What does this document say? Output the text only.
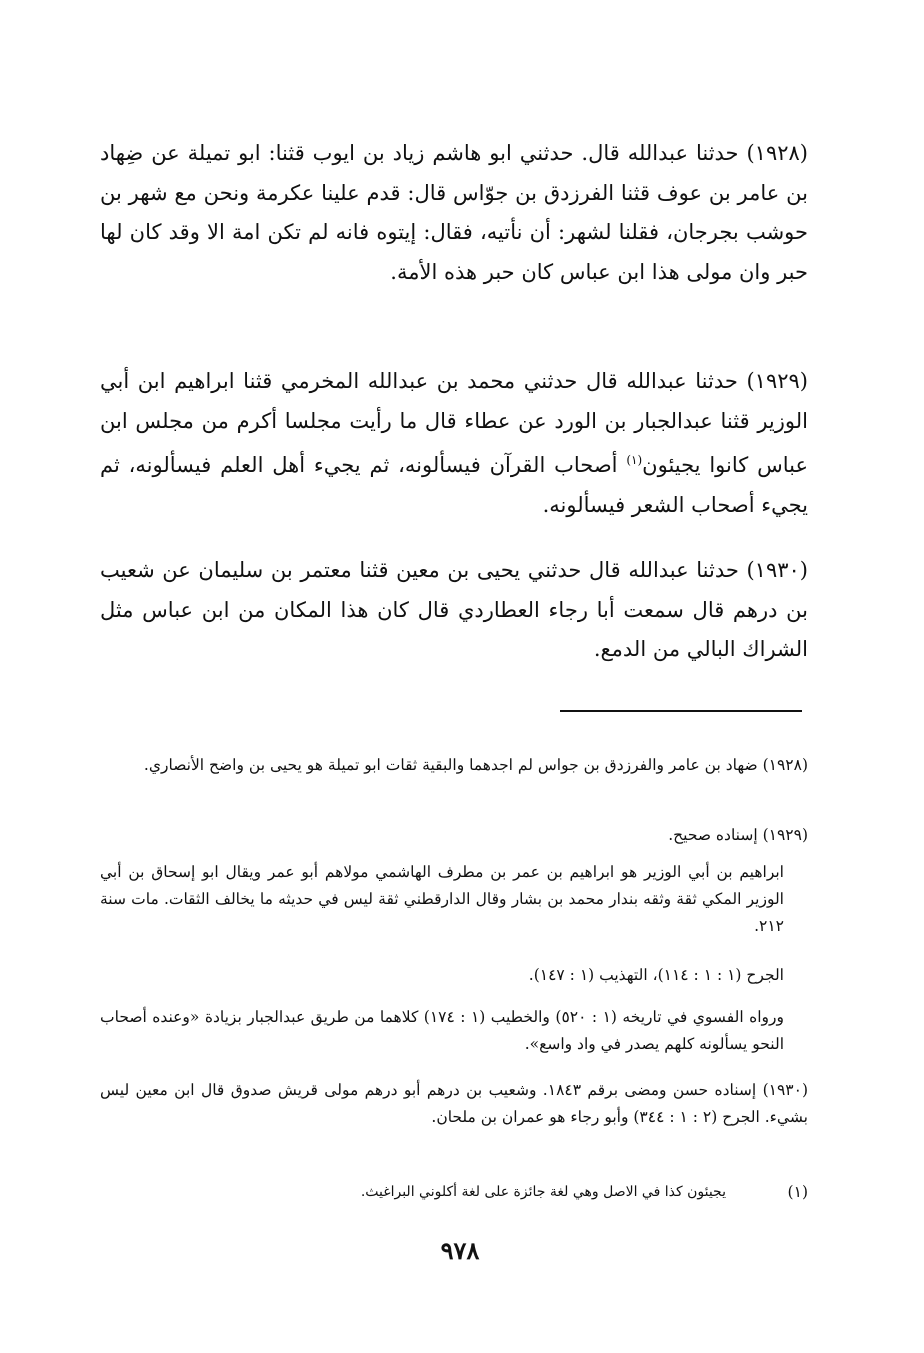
(١٩٢٨) حدثنا عبدالله قال. حدثني ابو هاشم زياد بن ايوب قثنا: ابو تميلة عن ضِهاد بن عامر بن عوف قثنا الفرزدق بن جوّاس قال: قدم علينا عكرمة ونحن مع شهر بن حوشب بجرجان، فقلنا لشهر: أن نأتيه، فقال: إيتوه فانه لم تكن امة الا وقد كان لها حبر وان مولى هذا ابن عباس كان حبر هذه الأمة.

(١٩٢٩) حدثنا عبدالله قال حدثني محمد بن عبدالله المخرمي قثنا ابراهيم ابن أبي الوزير قثنا عبدالجبار بن الورد عن عطاء قال ما رأيت مجلسا أكرم من مجلس ابن عباس كانوا يجيئون$^{(١)}$ أصحاب القرآن فيسألونه، ثم يجيء أهل العلم فيسألونه، ثم يجيء أصحاب الشعر فيسألونه.

(١٩٣٠) حدثنا عبدالله قال حدثني يحيى بن معين قثنا معتمر بن سليمان عن شعيب بن درهم قال سمعت أبا رجاء العطاردي قال كان هذا المكان من ابن عباس مثل الشراك البالي من الدمع.

(١٩٢٨) ضهاد بن عامر والفرزدق بن جواس لم اجدهما والبقية ثقات ابو تميلة هو يحيى بن واضح الأنصاري.

(١٩٢٩) إسناده صحيح.

ابراهيم بن أبي الوزير هو ابراهيم بن عمر بن مطرف الهاشمي مولاهم أبو عمر ويقال ابو إسحاق بن أبي الوزير المكي ثقة وثقه بندار محمد بن بشار وقال الدارقطني ثقة ليس في حديثه ما يخالف الثقات. مات سنة ٢١٢.

الجرح (١ : ١ : ١١٤)، التهذيب (١ : ١٤٧).

ورواه الفسوي في تاريخه (١ : ٥٢٠) والخطيب (١ : ١٧٤) كلاهما من طريق عبدالجبار بزيادة «وعنده أصحاب النحو يسألونه كلهم يصدر في واد واسع».

(١٩٣٠) إسناده حسن ومضى برقم ١٨٤٣. وشعيب بن درهم أبو درهم مولى قريش صدوق قال ابن معين ليس بشيء. الجرح (٢ : ١ : ٣٤٤) وأبو رجاء هو عمران بن ملحان.

(١)
يجيئون كذا في الاصل وهي لغة جائزة على لغة أكلوني البراغيث.
٩٧٨
